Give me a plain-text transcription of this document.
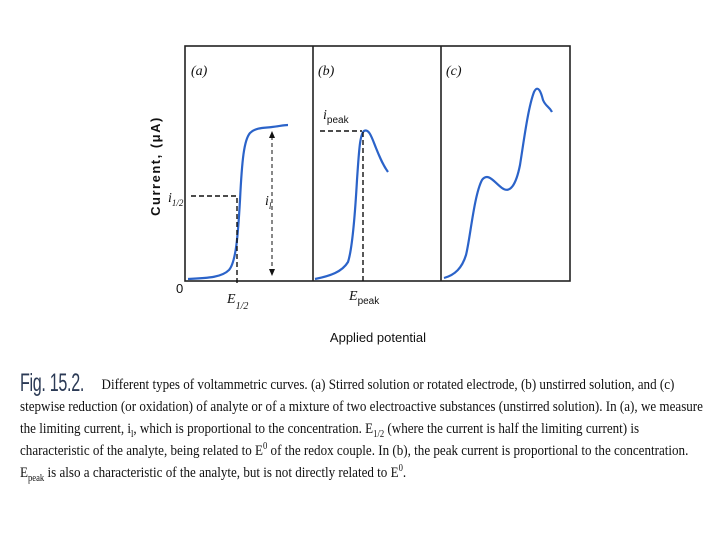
Current, (μA)
0
(a)	(b)	(c)
$i_{1/2}$	$i_l$
$E_{1/2}$
$i_{peak}$
$E_{peak}$
Applied potential
Fig. 15.2. Different types of voltammetric curves. (a) Stirred solution or rotated electrode, (b) unstirred solution, and (c) stepwise reduction (or oxidation) of analyte or of a mixture of two electroactive substances (unstirred solution). In (a), we measure the limiting current, $i_l$, which is proportional to the concentration. $E_{1/2}$ (where the current is half the limiting current) is characteristic of the analyte, being related to $E^0$ of the redox couple. In (b), the peak current is proportional to the concentration. $E_{peak}$ is also a characteristic of the analyte, but is not directly related to $E^0$.
